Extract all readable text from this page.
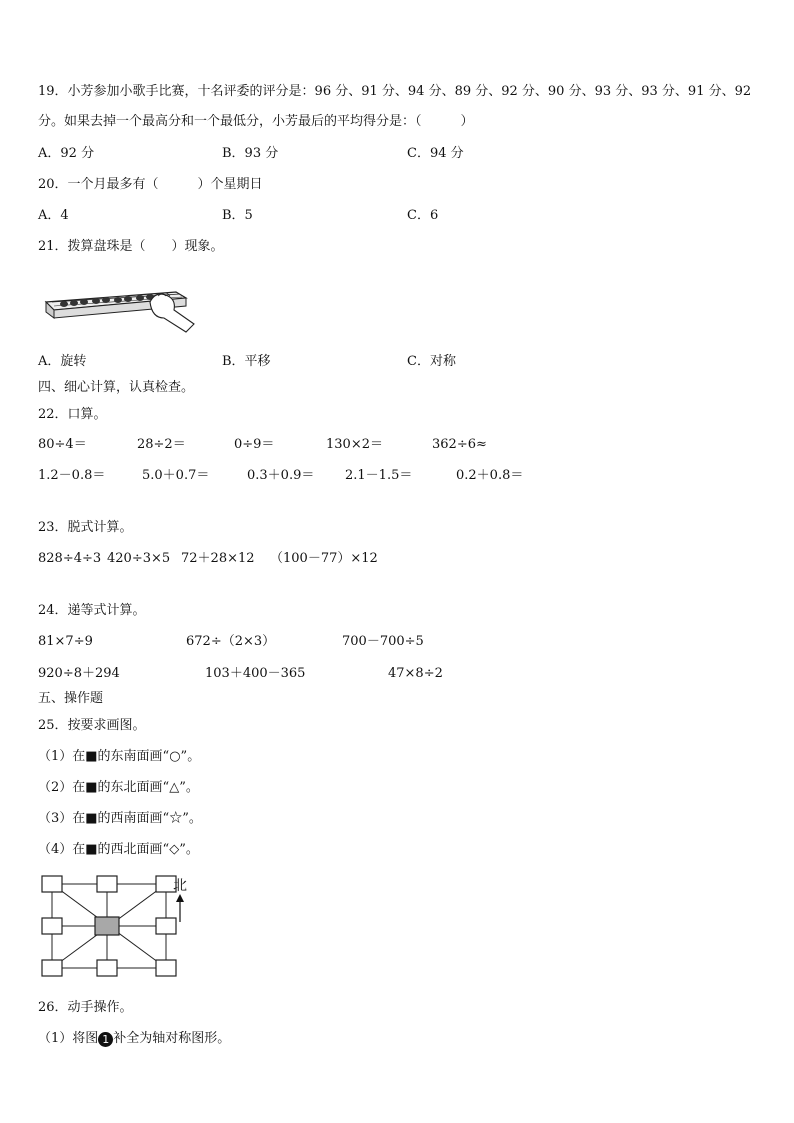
19．小芳参加小歌手比赛，十名评委的评分是：96 分、91 分、94 分、89 分、92 分、90 分、93 分、93 分、91 分、92
分。如果去掉一个最高分和一个最低分，小芳最后的平均得分是：（　　　）
A．92 分	B．93 分	C．94 分
20．一个月最多有（　　　）个星期日
A．4	B．5	C．6
21．拨算盘珠是（　　）现象。
A．旋转	B．平移	C．对称
四、细心计算，认真检查。
22．口算。
80÷4＝	28÷2＝	0÷9＝	130×2＝	362÷6≈
1.2－0.8＝	5.0＋0.7＝	0.3＋0.9＝ 2.1－1.5＝	0.2＋0.8＝
23．脱式计算。
828÷4÷3 420÷3×5 72＋28×12 （100－77）×12
24．递等式计算。
81×7÷9	672÷（2×3）	700－700÷5
920÷8＋294	103＋400－365	47×8÷2
五、操作题
25．按要求画图。
（1）在■的东南面画“○”。
（2）在■的东北面画“△”。
（3）在■的西南面画“☆”。
（4）在■的西北面画“◇”。
北
26．动手操作。
（1）将图 1 补全为轴对称图形。
